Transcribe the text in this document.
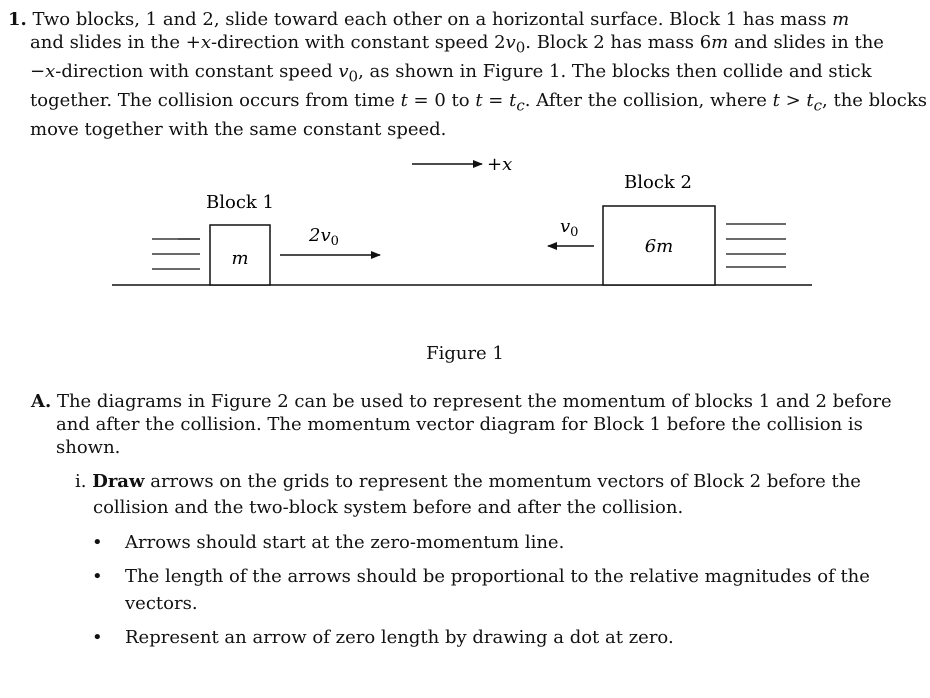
1. Two blocks, 1 and 2, slide toward each other on a horizontal surface. Block 1 has mass m
and slides in the +x-direction with constant speed $2v_0$. Block 2 has mass 6m and slides in the
−x-direction with constant speed $v_0$, as shown in Figure 1. The blocks then collide and stick
together. The collision occurs from time t = 0 to $t = t_c$. After the collision, where $t > t_c$, the blocks
move together with the same constant speed.
+x
Block 1
m
$2v_0$
Block 2
6m
$v_0$
Figure 1
A. The diagrams in Figure 2 can be used to represent the momentum of blocks 1 and 2 before
and after the collision. The momentum vector diagram for Block 1 before the collision is
shown.
i. Draw arrows on the grids to represent the momentum vectors of Block 2 before the
collision and the two-block system before and after the collision.
•	Arrows should start at the zero-momentum line.
•	The length of the arrows should be proportional to the relative magnitudes of the
vectors.
•	Represent an arrow of zero length by drawing a dot at zero.
